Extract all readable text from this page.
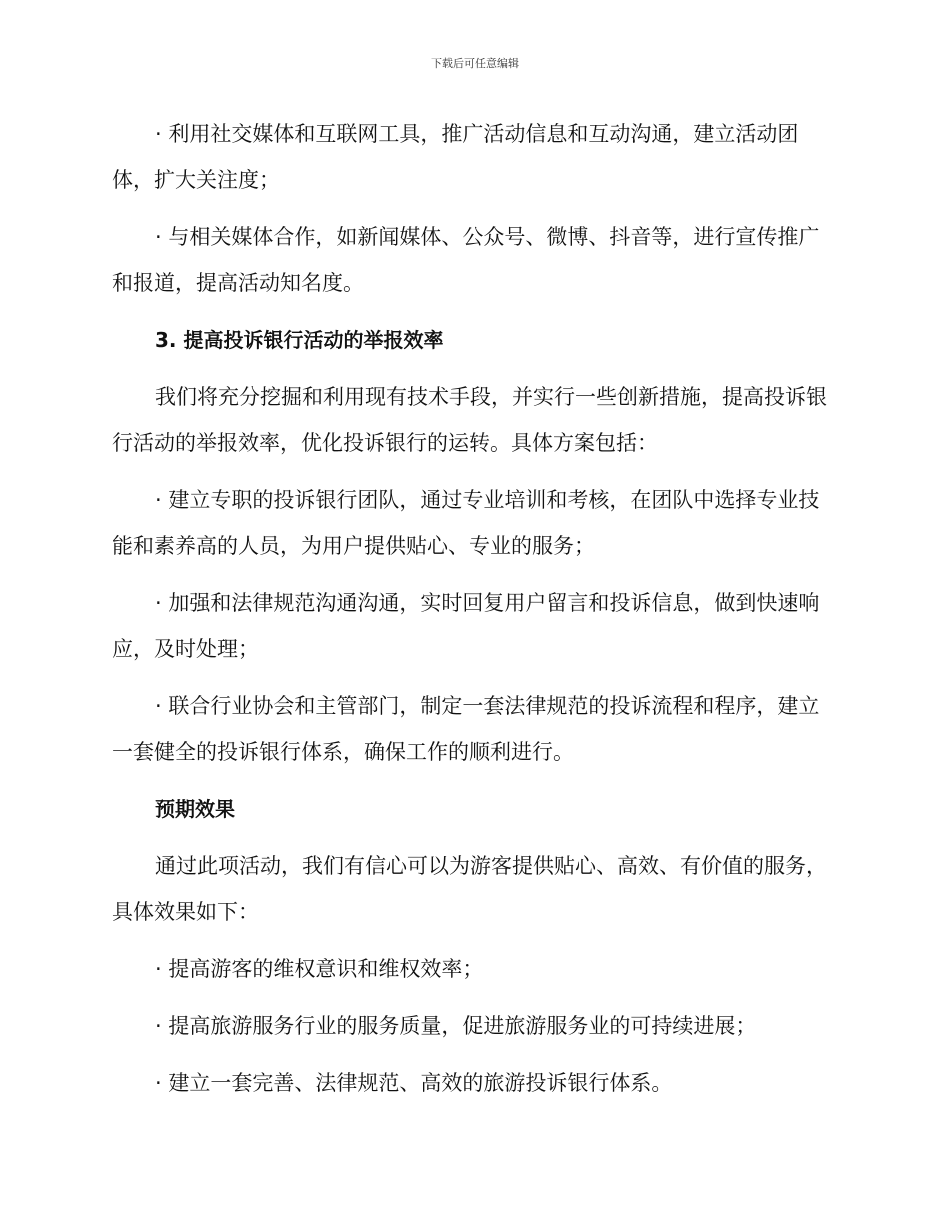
下载后可任意编辑

· 利用社交媒体和互联网工具，推广活动信息和互动沟通，建立活动团体，扩大关注度；

· 与相关媒体合作，如新闻媒体、公众号、微博、抖音等，进行宣传推广和报道，提高活动知名度。

3. 提高投诉银行活动的举报效率

我们将充分挖掘和利用现有技术手段，并实行一些创新措施，提高投诉银行活动的举报效率，优化投诉银行的运转。具体方案包括：

· 建立专职的投诉银行团队，通过专业培训和考核，在团队中选择专业技能和素养高的人员，为用户提供贴心、专业的服务；

· 加强和法律规范沟通沟通，实时回复用户留言和投诉信息，做到快速响应，及时处理；

· 联合行业协会和主管部门，制定一套法律规范的投诉流程和程序，建立一套健全的投诉银行体系，确保工作的顺利进行。

预期效果

通过此项活动，我们有信心可以为游客提供贴心、高效、有价值的服务，具体效果如下：

· 提高游客的维权意识和维权效率；

· 提高旅游服务行业的服务质量，促进旅游服务业的可持续进展；

· 建立一套完善、法律规范、高效的旅游投诉银行体系。
